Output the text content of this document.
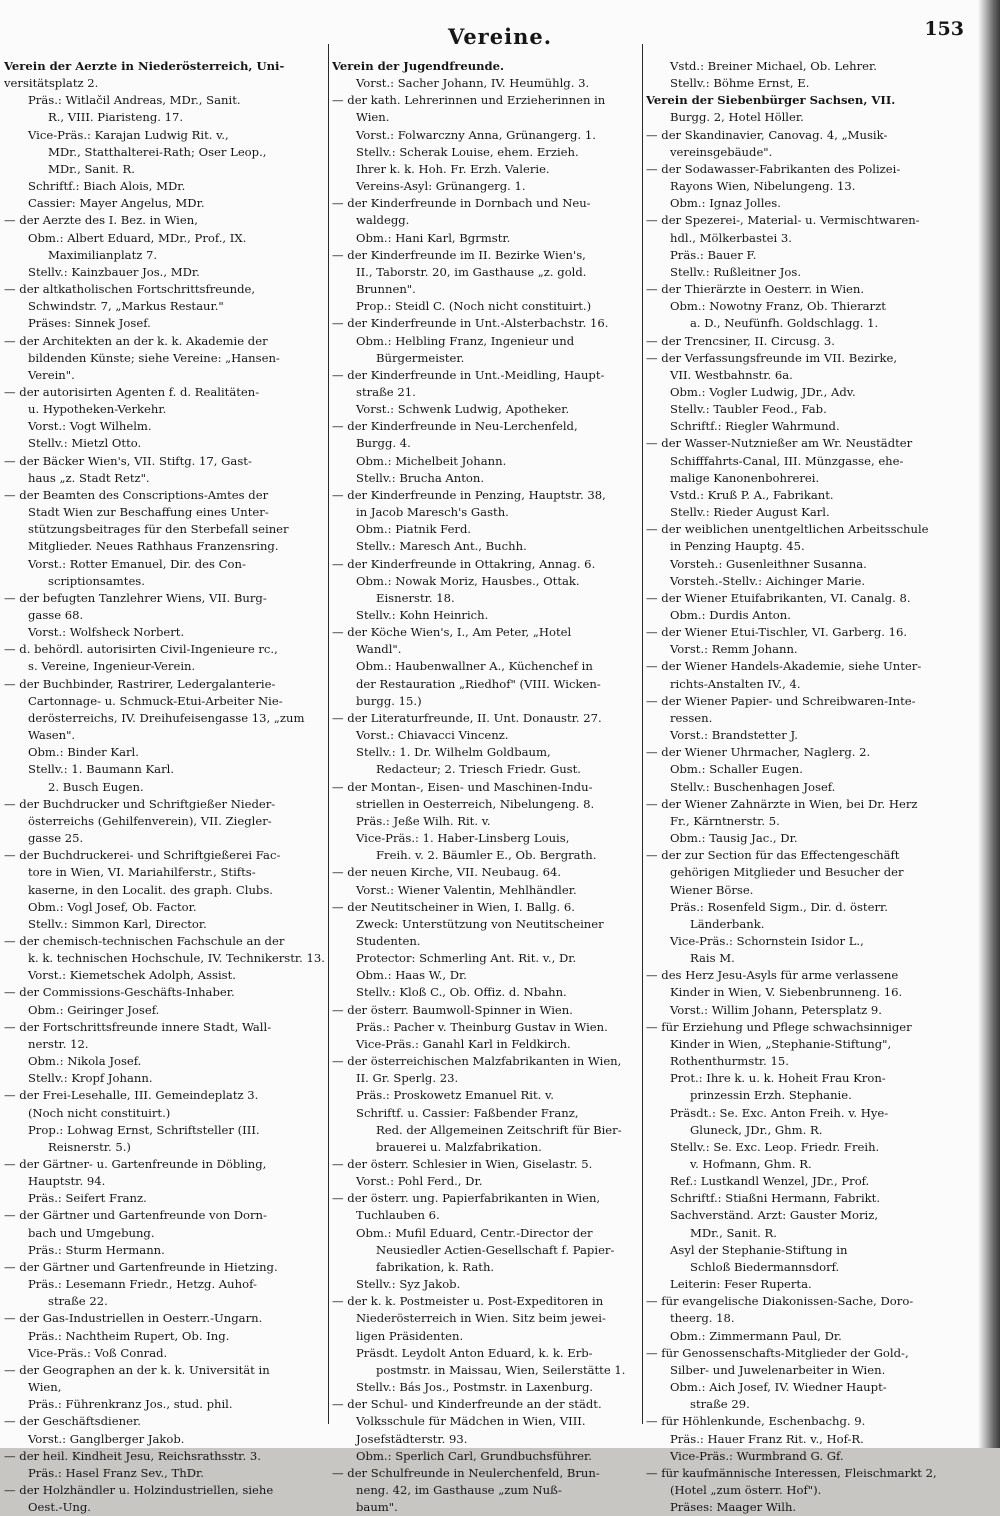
Vereine.	153
Verein der Aerzte in Niederösterreich, Uni-
versitätsplatz 2.
Präs.: Witlačil Andreas, MDr., Sanit.
R., VIII. Piaristeng. 17.
Vice-Präs.: Karajan Ludwig Rit. v.,
MDr., Statthalterei-Rath; Oser Leop.,
MDr., Sanit. R.
Schriftf.: Biach Alois, MDr.
Cassier: Mayer Angelus, MDr.
— der Aerzte des I. Bez. in Wien,
Obm.: Albert Eduard, MDr., Prof., IX.
Maximilianplatz 7.
Stellv.: Kainzbauer Jos., MDr.
— der altkatholischen Fortschrittsfreunde,
Schwindstr. 7, „Markus Restaur."
Präses: Sinnek Josef.
— der Architekten an der k. k. Akademie der
bildenden Künste; siehe Vereine: „Hansen-
Verein".
— der autorisirten Agenten f. d. Realitäten-
u. Hypotheken-Verkehr.
Vorst.: Vogt Wilhelm.
Stellv.: Mietzl Otto.
— der Bäcker Wien's, VII. Stiftg. 17, Gast-
haus „z. Stadt Retz".
— der Beamten des Conscriptions-Amtes der
Stadt Wien zur Beschaffung eines Unter-
stützungsbeitrages für den Sterbefall seiner
Mitglieder. Neues Rathhaus Franzensring.
Vorst.: Rotter Emanuel, Dir. des Con-
scriptionsamtes.
— der befugten Tanzlehrer Wiens, VII. Burg-
gasse 68.
Vorst.: Wolfsheck Norbert.
— d. behördl. autorisirten Civil-Ingenieure rc.,
s. Vereine, Ingenieur-Verein.
— der Buchbinder, Rastrirer, Ledergalanterie-
Cartonnage- u. Schmuck-Etui-Arbeiter Nie-
derösterreichs, IV. Dreihufeisengasse 13, „zum
Wasen".
Obm.: Binder Karl.
Stellv.: 1. Baumann Karl.
2. Busch Eugen.
— der Buchdrucker und Schriftgießer Nieder-
österreichs (Gehilfenverein), VII. Ziegler-
gasse 25.
— der Buchdruckerei- und Schriftgießerei Fac-
tore in Wien, VI. Mariahilferstr., Stifts-
kaserne, in den Localit. des graph. Clubs.
Obm.: Vogl Josef, Ob. Factor.
Stellv.: Simmon Karl, Director.
— der chemisch-technischen Fachschule an der
k. k. technischen Hochschule, IV. Technikerstr. 13.
Vorst.: Kiemetschek Adolph, Assist.
— der Commissions-Geschäfts-Inhaber.
Obm.: Geiringer Josef.
— der Fortschrittsfreunde innere Stadt, Wall-
nerstr. 12.
Obm.: Nikola Josef.
Stellv.: Kropf Johann.
— der Frei-Lesehalle, III. Gemeindeplatz 3.
(Noch nicht constituirt.)
Prop.: Lohwag Ernst, Schriftsteller (III.
Reisnerstr. 5.)
— der Gärtner- u. Gartenfreunde in Döbling,
Hauptstr. 94.
Präs.: Seifert Franz.
— der Gärtner und Gartenfreunde von Dorn-
bach und Umgebung.
Präs.: Sturm Hermann.
— der Gärtner und Gartenfreunde in Hietzing.
Präs.: Lesemann Friedr., Hetzg. Auhof-
straße 22.
— der Gas-Industriellen in Oesterr.-Ungarn.
Präs.: Nachtheim Rupert, Ob. Ing.
Vice-Präs.: Voß Conrad.
— der Geographen an der k. k. Universität in
Wien,
Präs.: Führenkranz Jos., stud. phil.
— der Geschäftsdiener.
Vorst.: Ganglberger Jakob.
— der heil. Kindheit Jesu, Reichsrathsstr. 3.
Präs.: Hasel Franz Sev., ThDr.
— der Holzhändler u. Holzindustriellen, siehe
Oest.-Ung.
Verein der Jugendfreunde.
Vorst.: Sacher Johann, IV. Heumühlg. 3.
— der kath. Lehrerinnen und Erzieherinnen in
Wien.
Vorst.: Folwarczny Anna, Grünangerg. 1.
Stellv.: Scherak Louise, ehem. Erzieh.
Ihrer k. k. Hoh. Fr. Erzh. Valerie.
Vereins-Asyl: Grünangerg. 1.
— der Kinderfreunde in Dornbach und Neu-
waldegg.
Obm.: Hani Karl, Bgrmstr.
— der Kinderfreunde im II. Bezirke Wien's,
II., Taborstr. 20, im Gasthause „z. gold.
Brunnen".
Prop.: Steidl C. (Noch nicht constituirt.)
— der Kinderfreunde in Unt.-Alsterbachstr. 16.
Obm.: Helbling Franz, Ingenieur und
Bürgermeister.
— der Kinderfreunde in Unt.-Meidling, Haupt-
straße 21.
Vorst.: Schwenk Ludwig, Apotheker.
— der Kinderfreunde in Neu-Lerchenfeld,
Burgg. 4.
Obm.: Michelbeit Johann.
Stellv.: Brucha Anton.
— der Kinderfreunde in Penzing, Hauptstr. 38,
in Jacob Maresch's Gasth.
Obm.: Piatnik Ferd.
Stellv.: Maresch Ant., Buchh.
— der Kinderfreunde in Ottakring, Annag. 6.
Obm.: Nowak Moriz, Hausbes., Ottak.
Eisnerstr. 18.
Stellv.: Kohn Heinrich.
— der Köche Wien's, I., Am Peter, „Hotel
Wandl".
Obm.: Haubenwallner A., Küchenchef in
der Restauration „Riedhof" (VIII. Wicken-
burgg. 15.)
— der Literaturfreunde, II. Unt. Donaustr. 27.
Vorst.: Chiavacci Vincenz.
Stellv.: 1. Dr. Wilhelm Goldbaum,
Redacteur; 2. Triesch Friedr. Gust.
— der Montan-, Eisen- und Maschinen-Indu-
striellen in Oesterreich, Nibelungeng. 8.
Präs.: Jeße Wilh. Rit. v.
Vice-Präs.: 1. Haber-Linsberg Louis,
Freih. v. 2. Bäumler E., Ob. Bergrath.
— der neuen Kirche, VII. Neubaug. 64.
Vorst.: Wiener Valentin, Mehlhändler.
— der Neutitscheiner in Wien, I. Ballg. 6.
Zweck: Unterstützung von Neutitscheiner
Studenten.
Protector: Schmerling Ant. Rit. v., Dr.
Obm.: Haas W., Dr.
Stellv.: Kloß C., Ob. Offiz. d. Nbahn.
— der österr. Baumwoll-Spinner in Wien.
Präs.: Pacher v. Theinburg Gustav in Wien.
Vice-Präs.: Ganahl Karl in Feldkirch.
— der österreichischen Malzfabrikanten in Wien,
II. Gr. Sperlg. 23.
Präs.: Proskowetz Emanuel Rit. v.
Schriftf. u. Cassier: Faßbender Franz,
Red. der Allgemeinen Zeitschrift für Bier-
brauerei u. Malzfabrikation.
— der österr. Schlesier in Wien, Giselastr. 5.
Vorst.: Pohl Ferd., Dr.
— der österr. ung. Papierfabrikanten in Wien,
Tuchlauben 6.
Obm.: Mufil Eduard, Centr.-Director der
Neusiedler Actien-Gesellschaft f. Papier-
fabrikation, k. Rath.
Stellv.: Syz Jakob.
— der k. k. Postmeister u. Post-Expeditoren in
Niederösterreich in Wien. Sitz beim jewei-
ligen Präsidenten.
Präsdt. Leydolt Anton Eduard, k. k. Erb-
postmstr. in Maissau, Wien, Seilerstätte 1.
Stellv.: Bás Jos., Postmstr. in Laxenburg.
— der Schul- und Kinderfreunde an der städt.
Volksschule für Mädchen in Wien, VIII.
Josefstädterstr. 93.
Obm.: Sperlich Carl, Grundbuchsführer.
— der Schulfreunde in Neulerchenfeld, Brun-
neng. 42, im Gasthause „zum Nuß-
baum".
Vstd.: Breiner Michael, Ob. Lehrer.
Stellv.: Böhme Ernst, E.
Verein der Siebenbürger Sachsen, VII.
Burgg. 2, Hotel Höller.
— der Skandinavier, Canovag. 4, „Musik-
vereinsgebäude".
— der Sodawasser-Fabrikanten des Polizei-
Rayons Wien, Nibelungeng. 13.
Obm.: Ignaz Jolles.
— der Spezerei-, Material- u. Vermischtwaren-
hdl., Mölkerbastei 3.
Präs.: Bauer F.
Stellv.: Rußleitner Jos.
— der Thierärzte in Oesterr. in Wien.
Obm.: Nowotny Franz, Ob. Thierarzt
a. D., Neufünfh. Goldschlagg. 1.
— der Trencsiner, II. Circusg. 3.
— der Verfassungsfreunde im VII. Bezirke,
VII. Westbahnstr. 6a.
Obm.: Vogler Ludwig, JDr., Adv.
Stellv.: Taubler Feod., Fab.
Schriftf.: Riegler Wahrmund.
— der Wasser-Nutznießer am Wr. Neustädter
Schifffahrts-Canal, III. Münzgasse, ehe-
malige Kanonenbohrerei.
Vstd.: Kruß P. A., Fabrikant.
Stellv.: Rieder August Karl.
— der weiblichen unentgeltlichen Arbeitsschule
in Penzing Hauptg. 45.
Vorsteh.: Gusenleithner Susanna.
Vorsteh.-Stellv.: Aichinger Marie.
— der Wiener Etuifabrikanten, VI. Canalg. 8.
Obm.: Durdis Anton.
— der Wiener Etui-Tischler, VI. Garberg. 16.
Vorst.: Remm Johann.
— der Wiener Handels-Akademie, siehe Unter-
richts-Anstalten IV., 4.
— der Wiener Papier- und Schreibwaren-Inte-
ressen.
Vorst.: Brandstetter J.
— der Wiener Uhrmacher, Naglerg. 2.
Obm.: Schaller Eugen.
Stellv.: Buschenhagen Josef.
— der Wiener Zahnärzte in Wien, bei Dr. Herz
Fr., Kärntnerstr. 5.
Obm.: Tausig Jac., Dr.
— der zur Section für das Effectengeschäft
gehörigen Mitglieder und Besucher der
Wiener Börse.
Präs.: Rosenfeld Sigm., Dir. d. österr.
Länderbank.
Vice-Präs.: Schornstein Isidor L.,
Rais M.
— des Herz Jesu-Asyls für arme verlassene
Kinder in Wien, V. Siebenbrunneng. 16.
Vorst.: Willim Johann, Petersplatz 9.
— für Erziehung und Pflege schwachsinniger
Kinder in Wien, „Stephanie-Stiftung",
Rothenthurmstr. 15.
Prot.: Ihre k. u. k. Hoheit Frau Kron-
prinzessin Erzh. Stephanie.
Präsdt.: Se. Exc. Anton Freih. v. Hye-
Gluneck, JDr., Ghm. R.
Stellv.: Se. Exc. Leop. Friedr. Freih.
v. Hofmann, Ghm. R.
Ref.: Lustkandl Wenzel, JDr., Prof.
Schriftf.: Stiaßni Hermann, Fabrikt.
Sachverständ. Arzt: Gauster Moriz,
MDr., Sanit. R.
Asyl der Stephanie-Stiftung in
Schloß Biedermannsdorf.
Leiterin: Feser Ruperta.
— für evangelische Diakonissen-Sache, Doro-
theerg. 18.
Obm.: Zimmermann Paul, Dr.
— für Genossenschafts-Mitglieder der Gold-,
Silber- und Juwelenarbeiter in Wien.
Obm.: Aich Josef, IV. Wiedner Haupt-
straße 29.
— für Höhlenkunde, Eschenbachg. 9.
Präs.: Hauer Franz Rit. v., Hof-R.
Vice-Präs.: Wurmbrand G. Gf.
— für kaufmännische Interessen, Fleischmarkt 2,
(Hotel „zum österr. Hof").
Präses: Maager Wilh.
